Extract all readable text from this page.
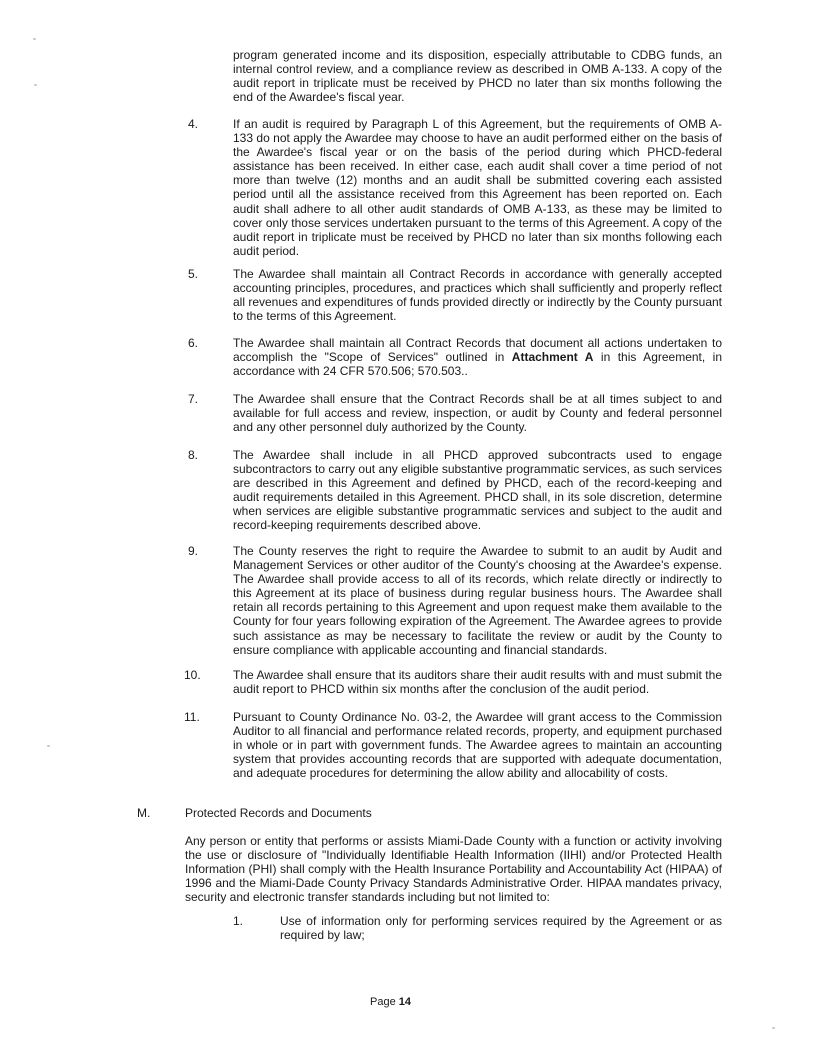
program generated income and its disposition, especially attributable to CDBG funds, an internal control review, and a compliance review as described in OMB A-133. A copy of the audit report in triplicate must be received by PHCD no later than six months following the end of the Awardee's fiscal year.

4.	If an audit is required by Paragraph L of this Agreement, but the requirements of OMB A-133 do not apply the Awardee may choose to have an audit performed either on the basis of the Awardee's fiscal year or on the basis of the period during which PHCD-federal assistance has been received. In either case, each audit shall cover a time period of not more than twelve (12) months and an audit shall be submitted covering each assisted period until all the assistance received from this Agreement has been reported on. Each audit shall adhere to all other audit standards of OMB A-133, as these may be limited to cover only those services undertaken pursuant to the terms of this Agreement. A copy of the audit report in triplicate must be received by PHCD no later than six months following each audit period.

5.	The Awardee shall maintain all Contract Records in accordance with generally accepted accounting principles, procedures, and practices which shall sufficiently and properly reflect all revenues and expenditures of funds provided directly or indirectly by the County pursuant to the terms of this Agreement.

6.	The Awardee shall maintain all Contract Records that document all actions undertaken to accomplish the "Scope of Services" outlined in Attachment A in this Agreement, in accordance with 24 CFR 570.506; 570.503..

7.	The Awardee shall ensure that the Contract Records shall be at all times subject to and available for full access and review, inspection, or audit by County and federal personnel and any other personnel duly authorized by the County.

8.	The Awardee shall include in all PHCD approved subcontracts used to engage subcontractors to carry out any eligible substantive programmatic services, as such services are described in this Agreement and defined by PHCD, each of the record-keeping and audit requirements detailed in this Agreement. PHCD shall, in its sole discretion, determine when services are eligible substantive programmatic services and subject to the audit and record-keeping requirements described above.

9.	The County reserves the right to require the Awardee to submit to an audit by Audit and Management Services or other auditor of the County's choosing at the Awardee's expense. The Awardee shall provide access to all of its records, which relate directly or indirectly to this Agreement at its place of business during regular business hours. The Awardee shall retain all records pertaining to this Agreement and upon request make them available to the County for four years following expiration of the Agreement. The Awardee agrees to provide such assistance as may be necessary to facilitate the review or audit by the County to ensure compliance with applicable accounting and financial standards.

10.	The Awardee shall ensure that its auditors share their audit results with and must submit the audit report to PHCD within six months after the conclusion of the audit period.

11.	Pursuant to County Ordinance No. 03-2, the Awardee will grant access to the Commission Auditor to all financial and performance related records, property, and equipment purchased in whole or in part with government funds. The Awardee agrees to maintain an accounting system that provides accounting records that are supported with adequate documentation, and adequate procedures for determining the allow ability and allocability of costs.

M.	Protected Records and Documents

Any person or entity that performs or assists Miami-Dade County with a function or activity involving the use or disclosure of "Individually Identifiable Health Information (IIHI) and/or Protected Health Information (PHI) shall comply with the Health Insurance Portability and Accountability Act (HIPAA) of 1996 and the Miami-Dade County Privacy Standards Administrative Order. HIPAA mandates privacy, security and electronic transfer standards including but not limited to:

1.	Use of information only for performing services required by the Agreement or as required by law;

Page 14
